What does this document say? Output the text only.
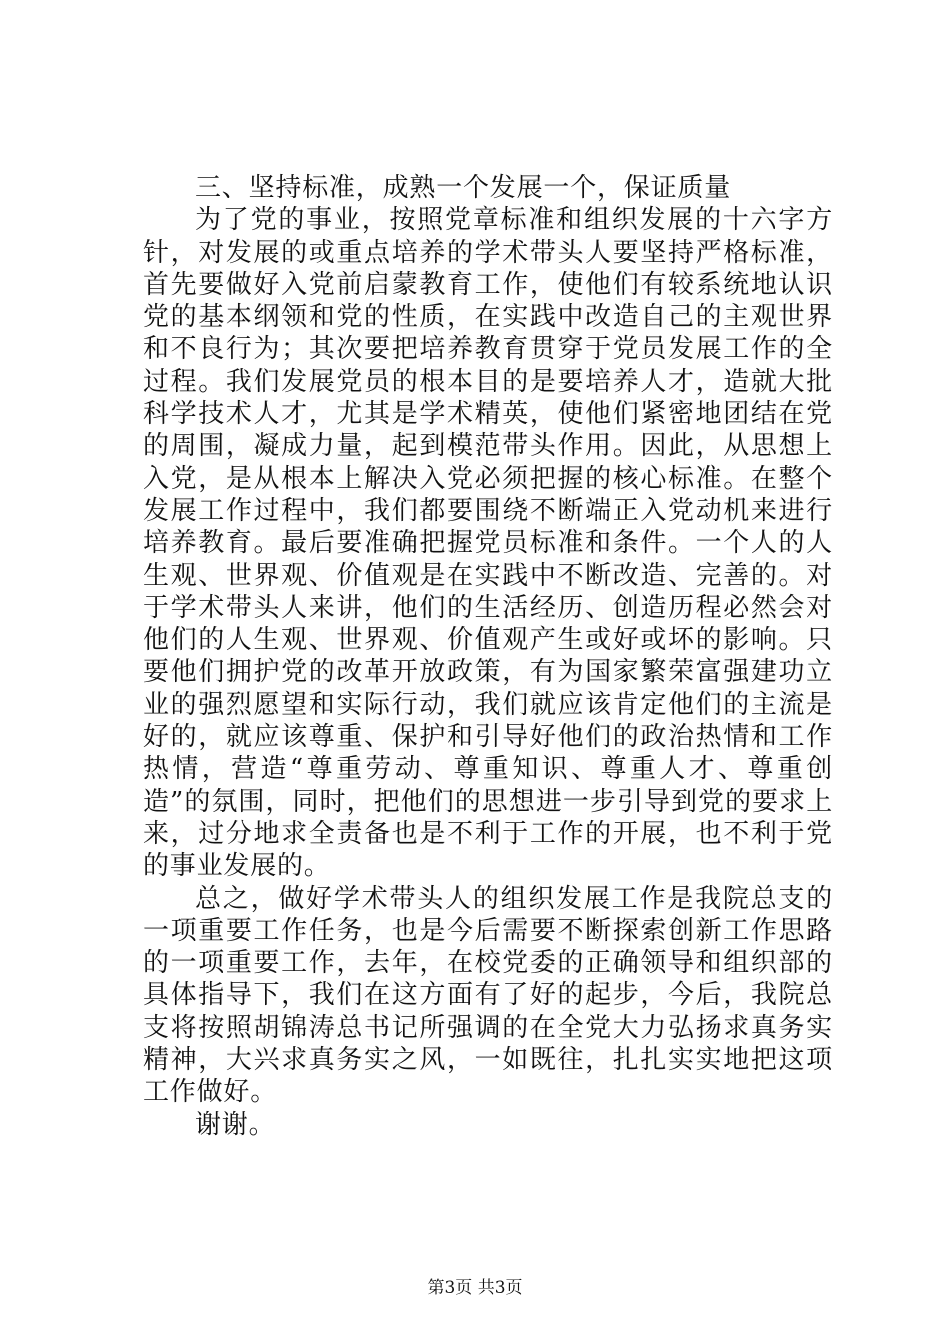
三、坚持标准，成熟一个发展一个，保证质量

为了党的事业，按照党章标准和组织发展的十六字方针，对发展的或重点培养的学术带头人要坚持严格标准，首先要做好入党前启蒙教育工作，使他们有较系统地认识党的基本纲领和党的性质，在实践中改造自己的主观世界和不良行为；其次要把培养教育贯穿于党员发展工作的全过程。我们发展党员的根本目的是要培养人才，造就大批科学技术人才，尤其是学术精英，使他们紧密地团结在党的周围，凝成力量，起到模范带头作用。因此，从思想上入党，是从根本上解决入党必须把握的核心标准。在整个发展工作过程中，我们都要围绕不断端正入党动机来进行培养教育。最后要准确把握党员标准和条件。一个人的人生观、世界观、价值观是在实践中不断改造、完善的。对于学术带头人来讲，他们的生活经历、创造历程必然会对他们的人生观、世界观、价值观产生或好或坏的影响。只要他们拥护党的改革开放政策，有为国家繁荣富强建功立业的强烈愿望和实际行动，我们就应该肯定他们的主流是好的，就应该尊重、保护和引导好他们的政治热情和工作热情，营造“尊重劳动、尊重知识、尊重人才、尊重创造”的氛围，同时，把他们的思想进一步引导到党的要求上来，过分地求全责备也是不利于工作的开展，也不利于党的事业发展的。

总之，做好学术带头人的组织发展工作是我院总支的一项重要工作任务，也是今后需要不断探索创新工作思路的一项重要工作，去年，在校党委的正确领导和组织部的具体指导下，我们在这方面有了好的起步，今后，我院总支将按照胡锦涛总书记所强调的在全党大力弘扬求真务实精神，大兴求真务实之风，一如既往，扎扎实实地把这项工作做好。

谢谢。

第3页 共3页
